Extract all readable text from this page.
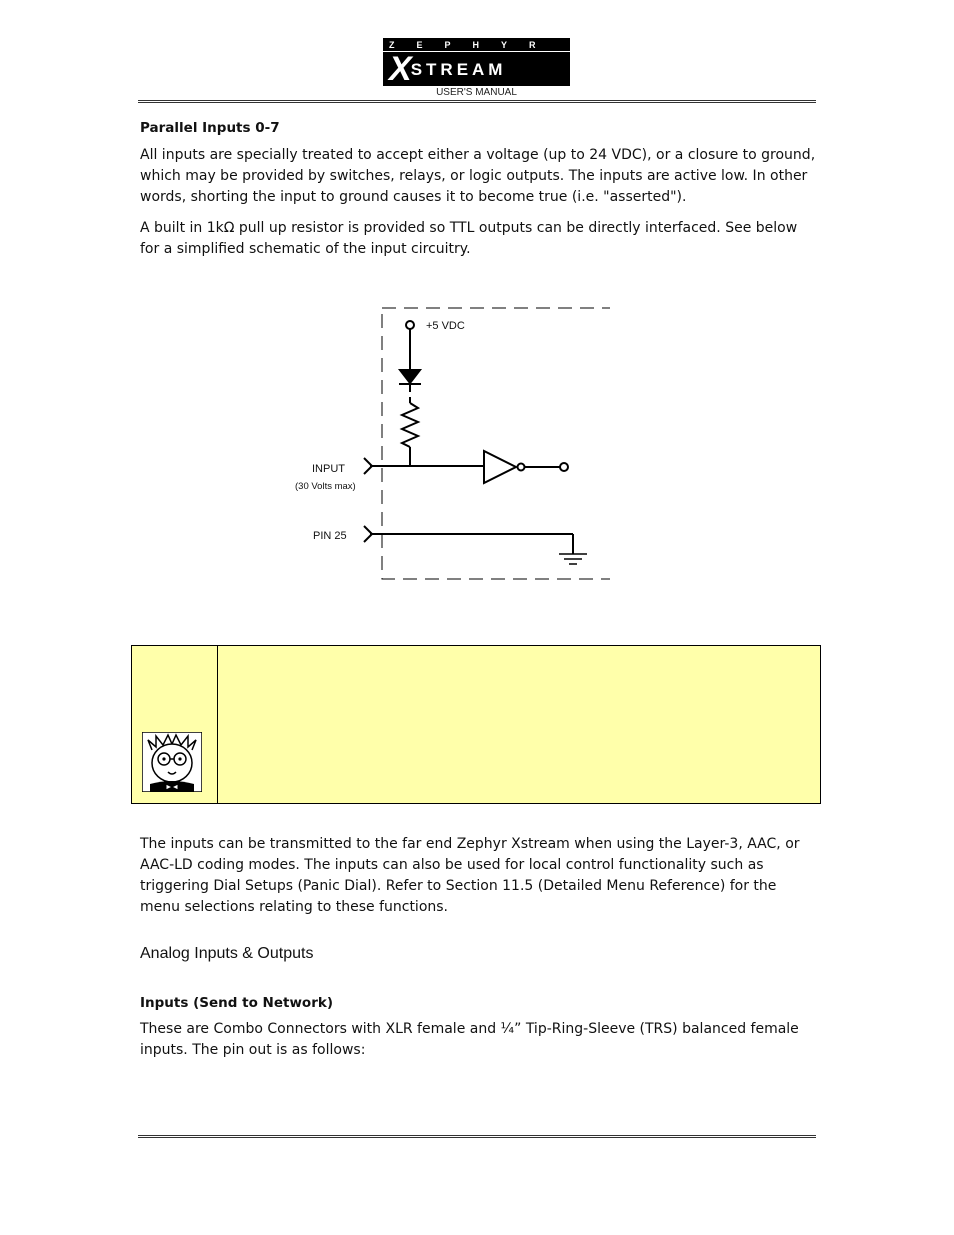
ZEPHYR
XSTREAM
USER'S MANUAL
Parallel Inputs 0-7

All inputs are specially treated to accept either a voltage (up to 24 VDC), or a closure to ground, which may be provided by switches, relays, or logic outputs. The inputs are active low. In other words, shorting the input to ground causes it to become true (i.e. "asserted").

A built in 1kΩ pull up resistor is provided so TTL outputs can be directly interfaced. See below for a simplified schematic of the input circuitry.

+5 VDC
INPUT
(30 Volts max)
PIN 25

The inputs can be transmitted to the far end Zephyr Xstream when using the Layer-3, AAC, or AAC-LD coding modes. The inputs can also be used for local control functionality such as triggering Dial Setups (Panic Dial). Refer to Section 11.5 (Detailed Menu Reference) for the menu selections relating to these functions.

Analog Inputs & Outputs
Inputs (Send to Network)

These are Combo Connectors with XLR female and ¼” Tip-Ring-Sleeve (TRS) balanced female inputs. The pin out is as follows:
